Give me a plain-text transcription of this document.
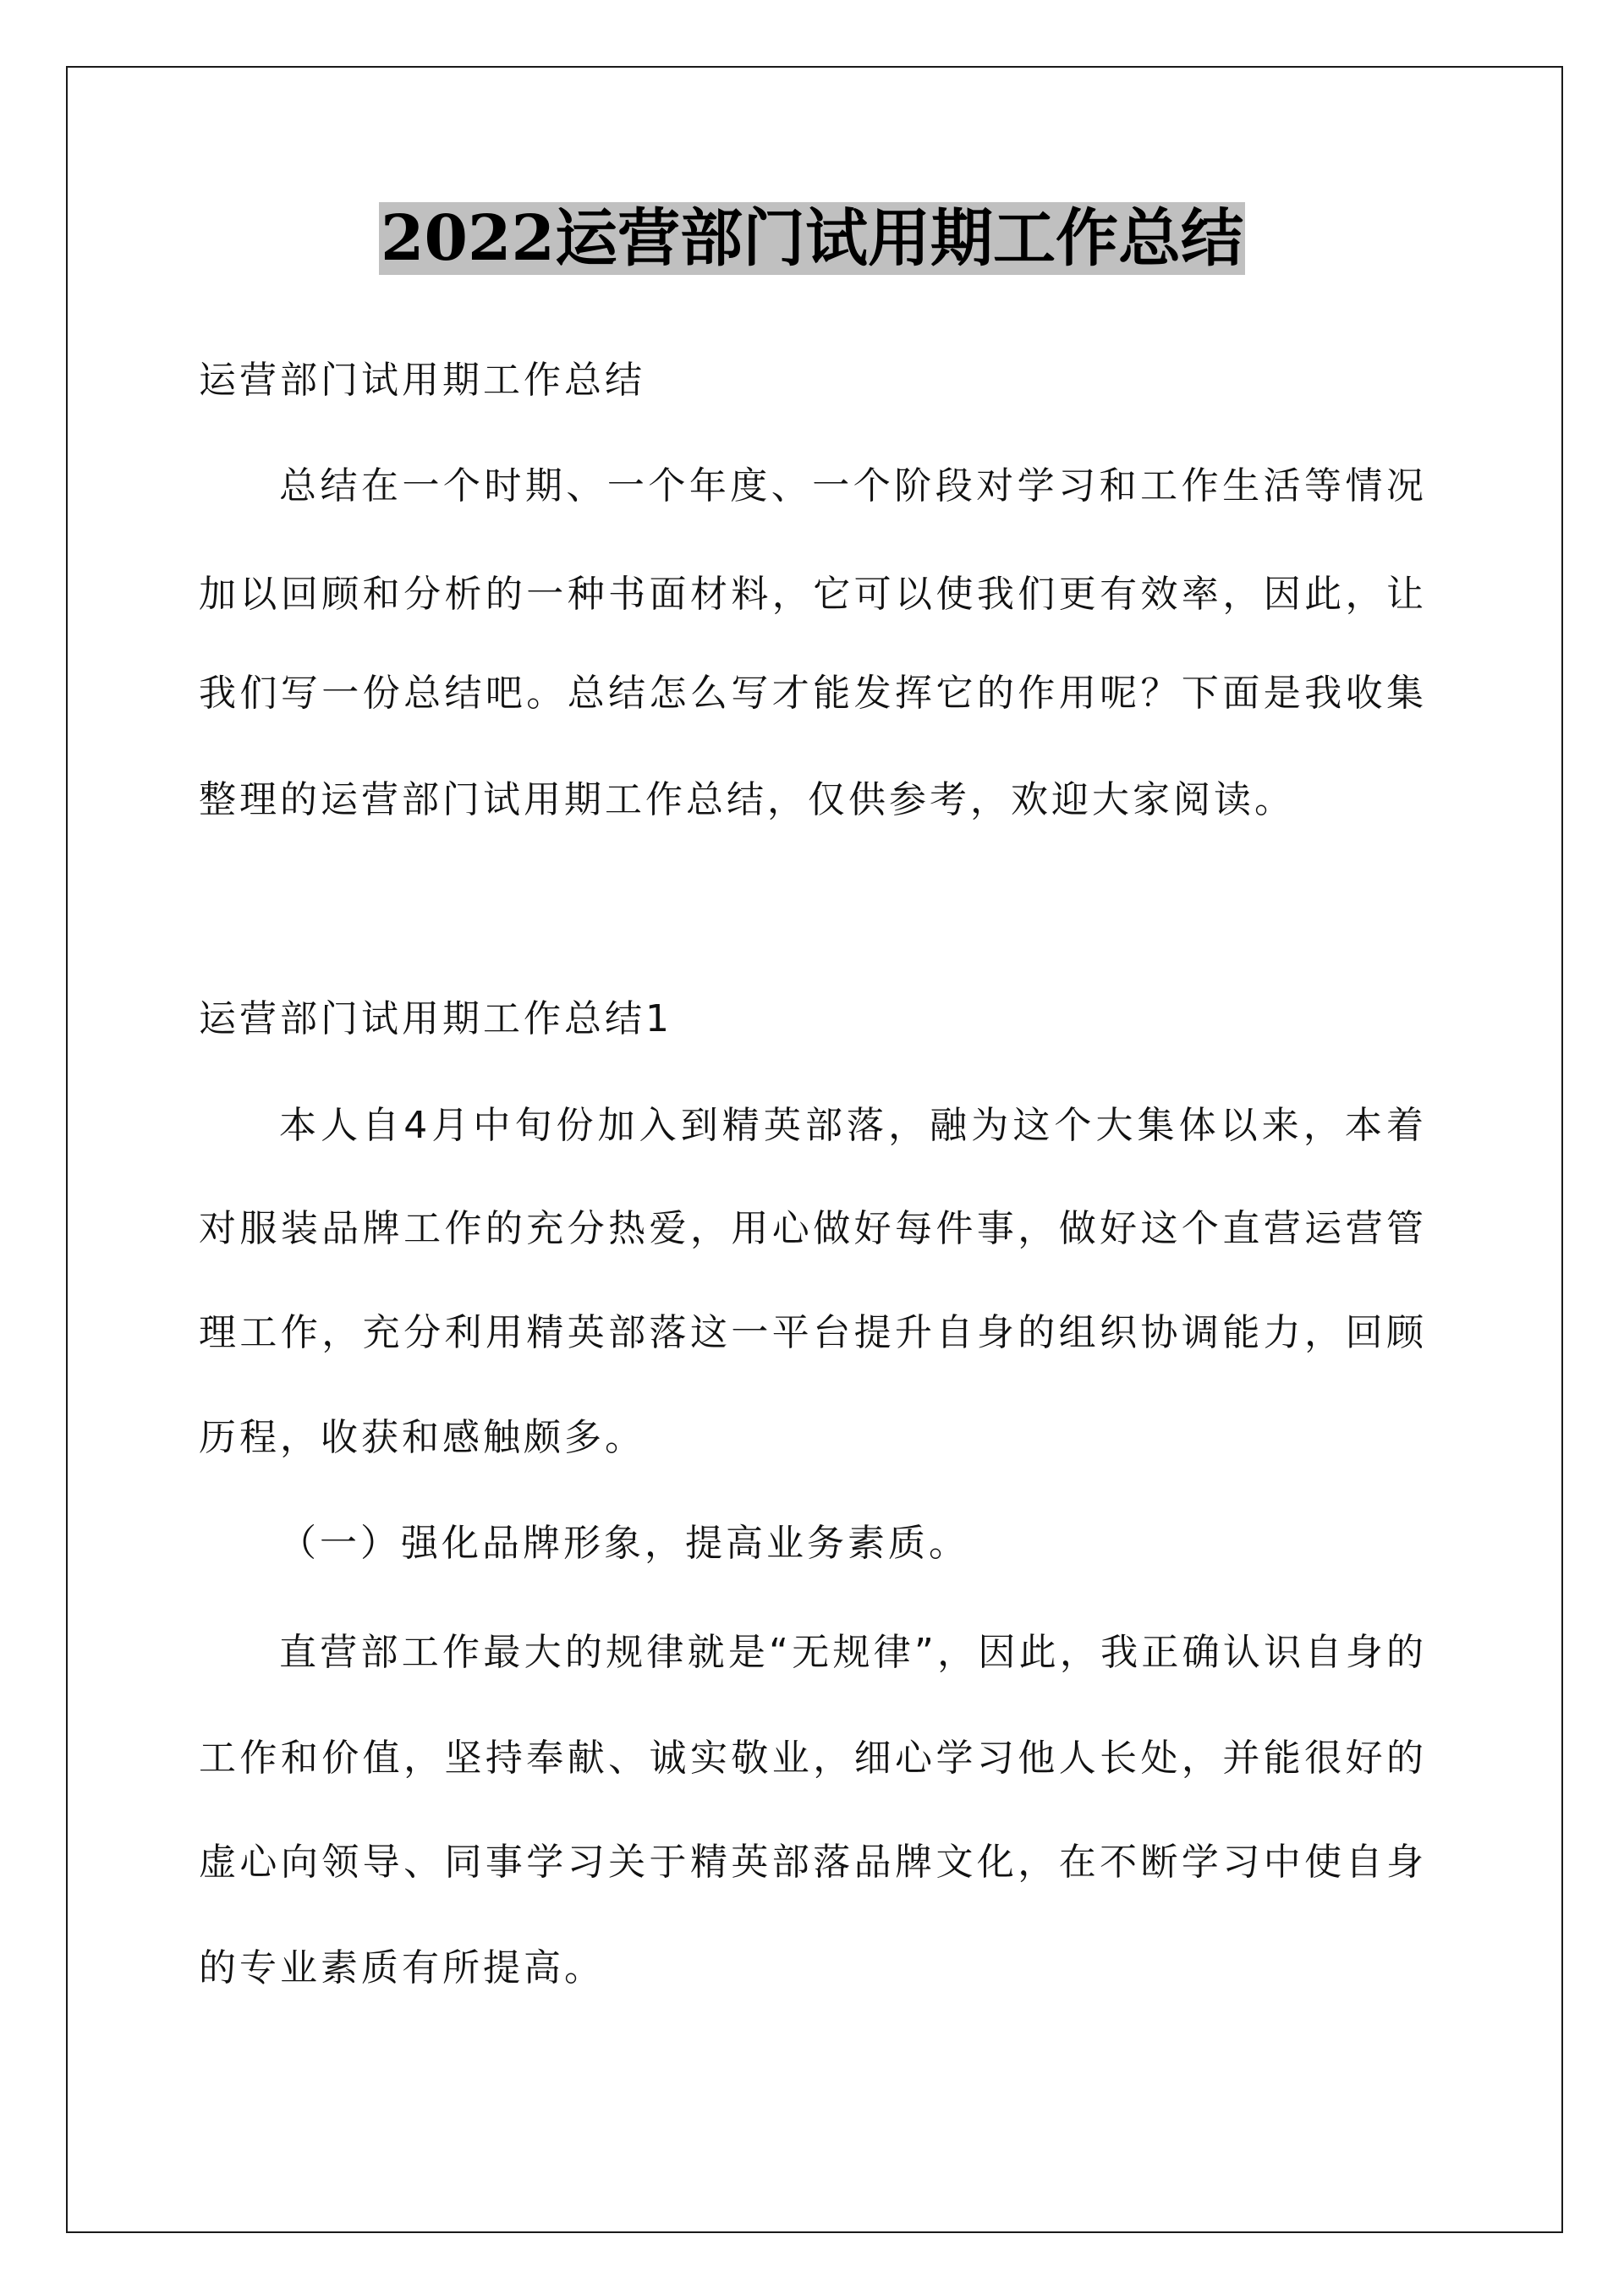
2022运营部门试用期工作总结

运营部门试用期工作总结

总结在一个时期、一个年度、一个阶段对学习和工作生活等情况

加以回顾和分析的一种书面材料，它可以使我们更有效率，因此，让

我们写一份总结吧。总结怎么写才能发挥它的作用呢？下面是我收集

整理的运营部门试用期工作总结，仅供参考，欢迎大家阅读。

运营部门试用期工作总结1

本人自4月中旬份加入到精英部落，融为这个大集体以来，本着

对服装品牌工作的充分热爱，用心做好每件事，做好这个直营运营管

理工作，充分利用精英部落这一平台提升自身的组织协调能力，回顾

历程，收获和感触颇多。

（一）强化品牌形象，提高业务素质。

直营部工作最大的规律就是“无规律”，因此，我正确认识自身的

工作和价值，坚持奉献、诚实敬业，细心学习他人长处，并能很好的

虚心向领导、同事学习关于精英部落品牌文化，在不断学习中使自身

的专业素质有所提高。
